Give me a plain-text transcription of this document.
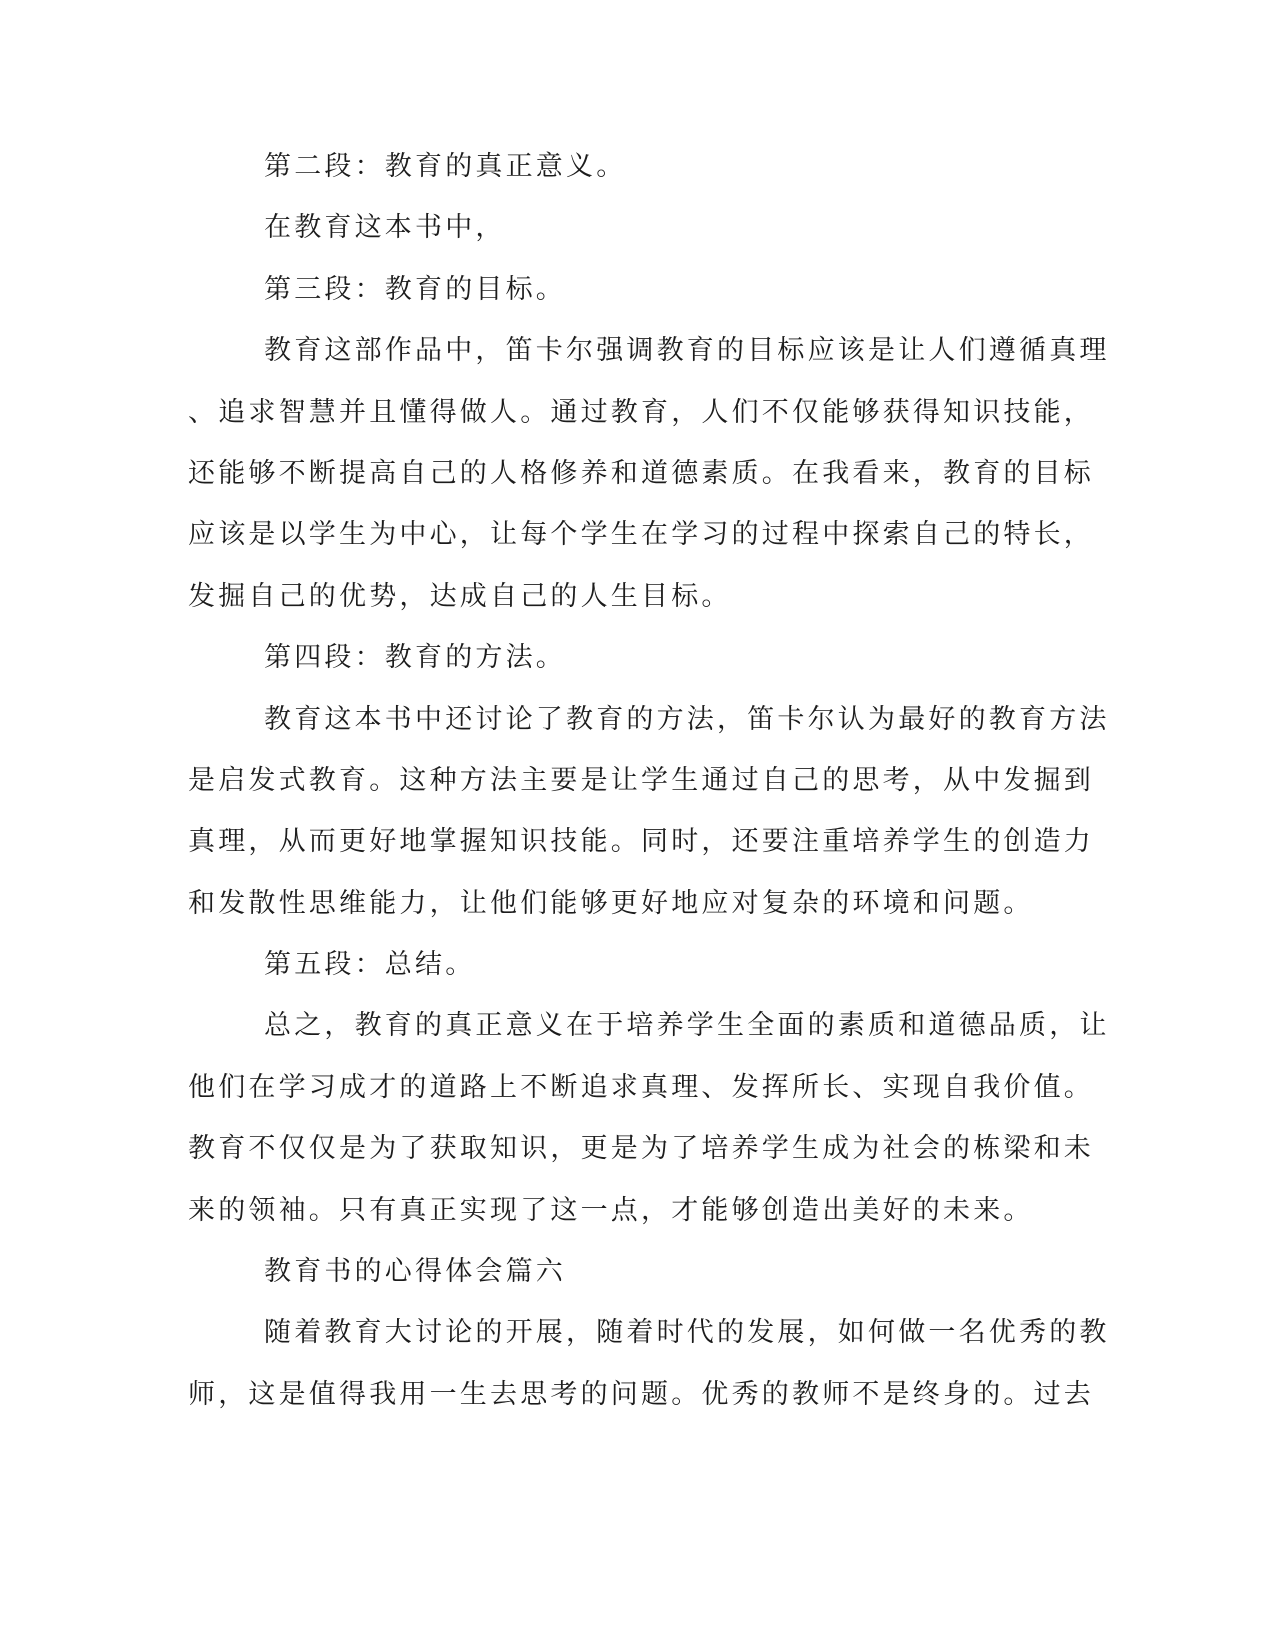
第二段：教育的真正意义。
在教育这本书中，
第三段：教育的目标。
教育这部作品中，笛卡尔强调教育的目标应该是让人们遵循真理
、追求智慧并且懂得做人。通过教育，人们不仅能够获得知识技能，
还能够不断提高自己的人格修养和道德素质。在我看来，教育的目标
应该是以学生为中心，让每个学生在学习的过程中探索自己的特长，
发掘自己的优势，达成自己的人生目标。
第四段：教育的方法。
教育这本书中还讨论了教育的方法，笛卡尔认为最好的教育方法
是启发式教育。这种方法主要是让学生通过自己的思考，从中发掘到
真理，从而更好地掌握知识技能。同时，还要注重培养学生的创造力
和发散性思维能力，让他们能够更好地应对复杂的环境和问题。
第五段：总结。
总之，教育的真正意义在于培养学生全面的素质和道德品质，让
他们在学习成才的道路上不断追求真理、发挥所长、实现自我价值。
教育不仅仅是为了获取知识，更是为了培养学生成为社会的栋梁和未
来的领袖。只有真正实现了这一点，才能够创造出美好的未来。
教育书的心得体会篇六
随着教育大讨论的开展，随着时代的发展，如何做一名优秀的教
师，这是值得我用一生去思考的问题。优秀的教师不是终身的。过去
